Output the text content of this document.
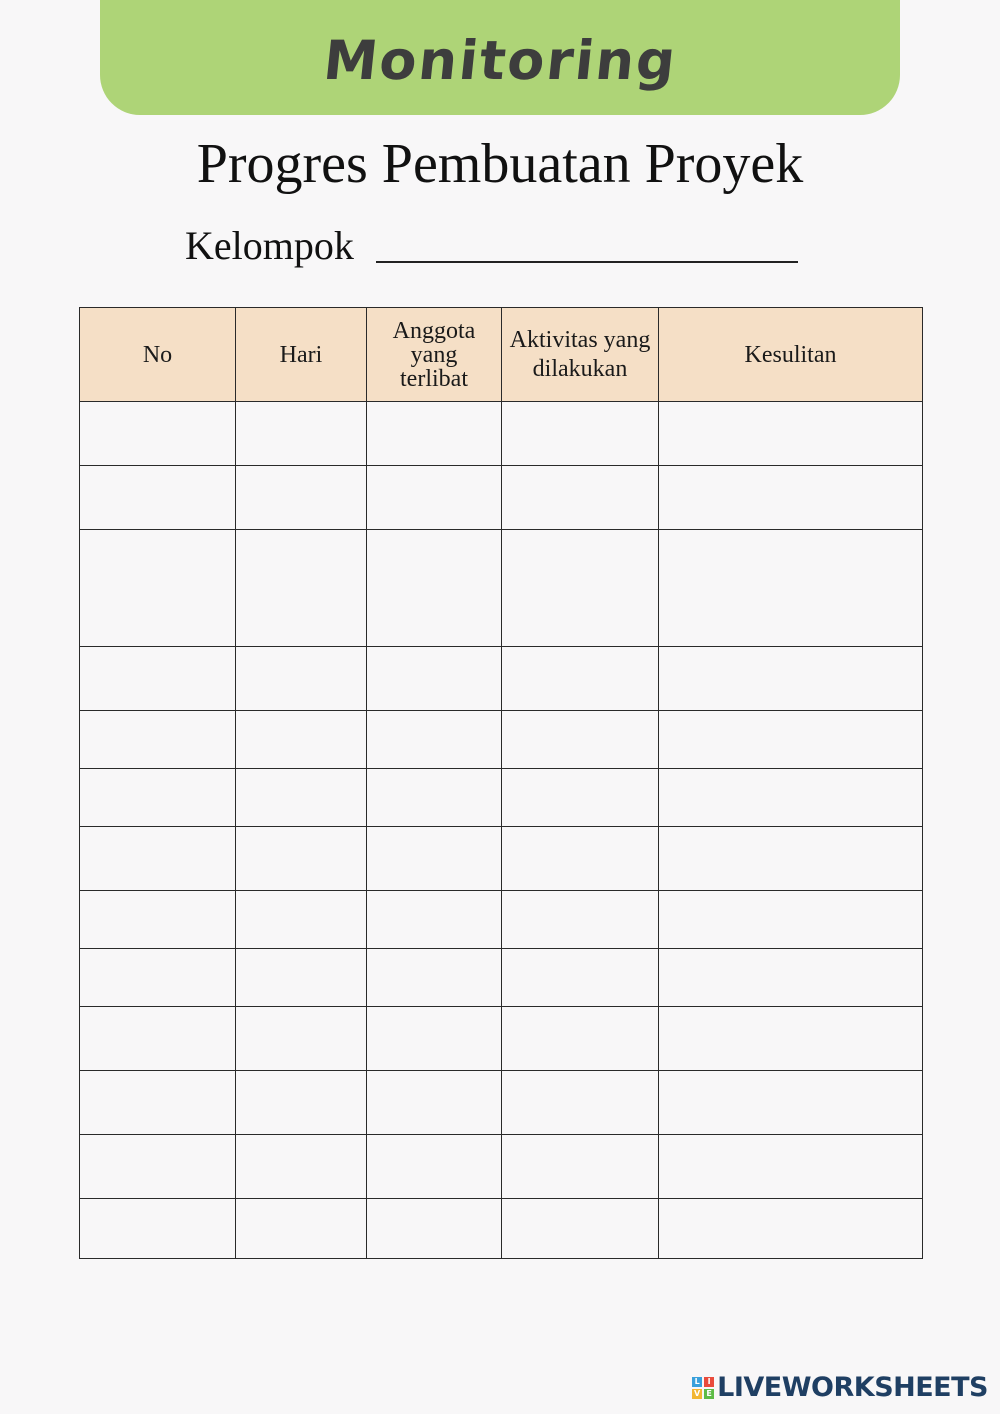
Monitoring
Progres Pembuatan Proyek
Kelompok
No	Hari	Anggota yang terlibat	Aktivitas yang dilakukan	Kesulitan

L I
V E LIVEWORKSHEETS
